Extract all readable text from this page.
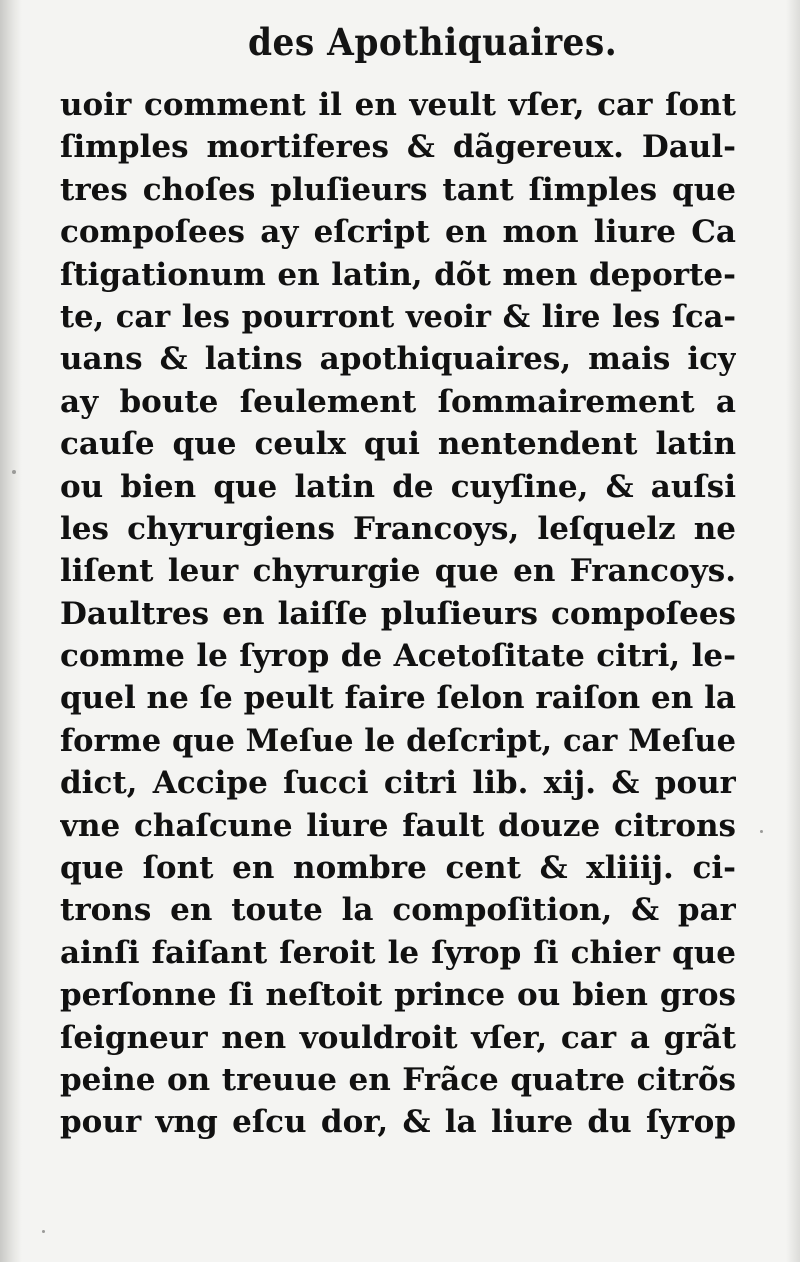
des Apothiquaires.
uoir comment il en veult vſer, car ſont
ſimples mortiferes & dãgereux. Daul-
tres choſes pluſieurs tant ſimples que
compoſees ay eſcript en mon liure Ca
ſtigationum en latin, dõt men deporte-
te, car les pourront veoir & lire les ſca-
uans & latins apothiquaires, mais icy
ay boute ſeulement ſommairement a
cauſe que ceulx qui nentendent latin
ou bien que latin de cuyſine, & auſsi
les chyrurgiens Francoys, leſquelz ne
liſent leur chyrurgie que en Francoys.
Daultres en laiſſe pluſieurs compoſees
comme le ſyrop de Acetoſitate citri, le-
quel ne ſe peult faire ſelon raiſon en la
forme que Meſue le deſcript, car Meſue
dict, Accipe ſucci citri lib. xij. & pour
vne chaſcune liure fault douze citrons
que ſont en nombre cent & xliiij. ci-
trons en toute la compoſition, & par
ainſi faiſant ſeroit le ſyrop ſi chier que
perſonne ſi neſtoit prince ou bien gros
ſeigneur nen vouldroit vſer, car a grãt
peine on treuue en Frãce quatre citrõs
pour vng eſcu dor, & la liure du ſyrop
